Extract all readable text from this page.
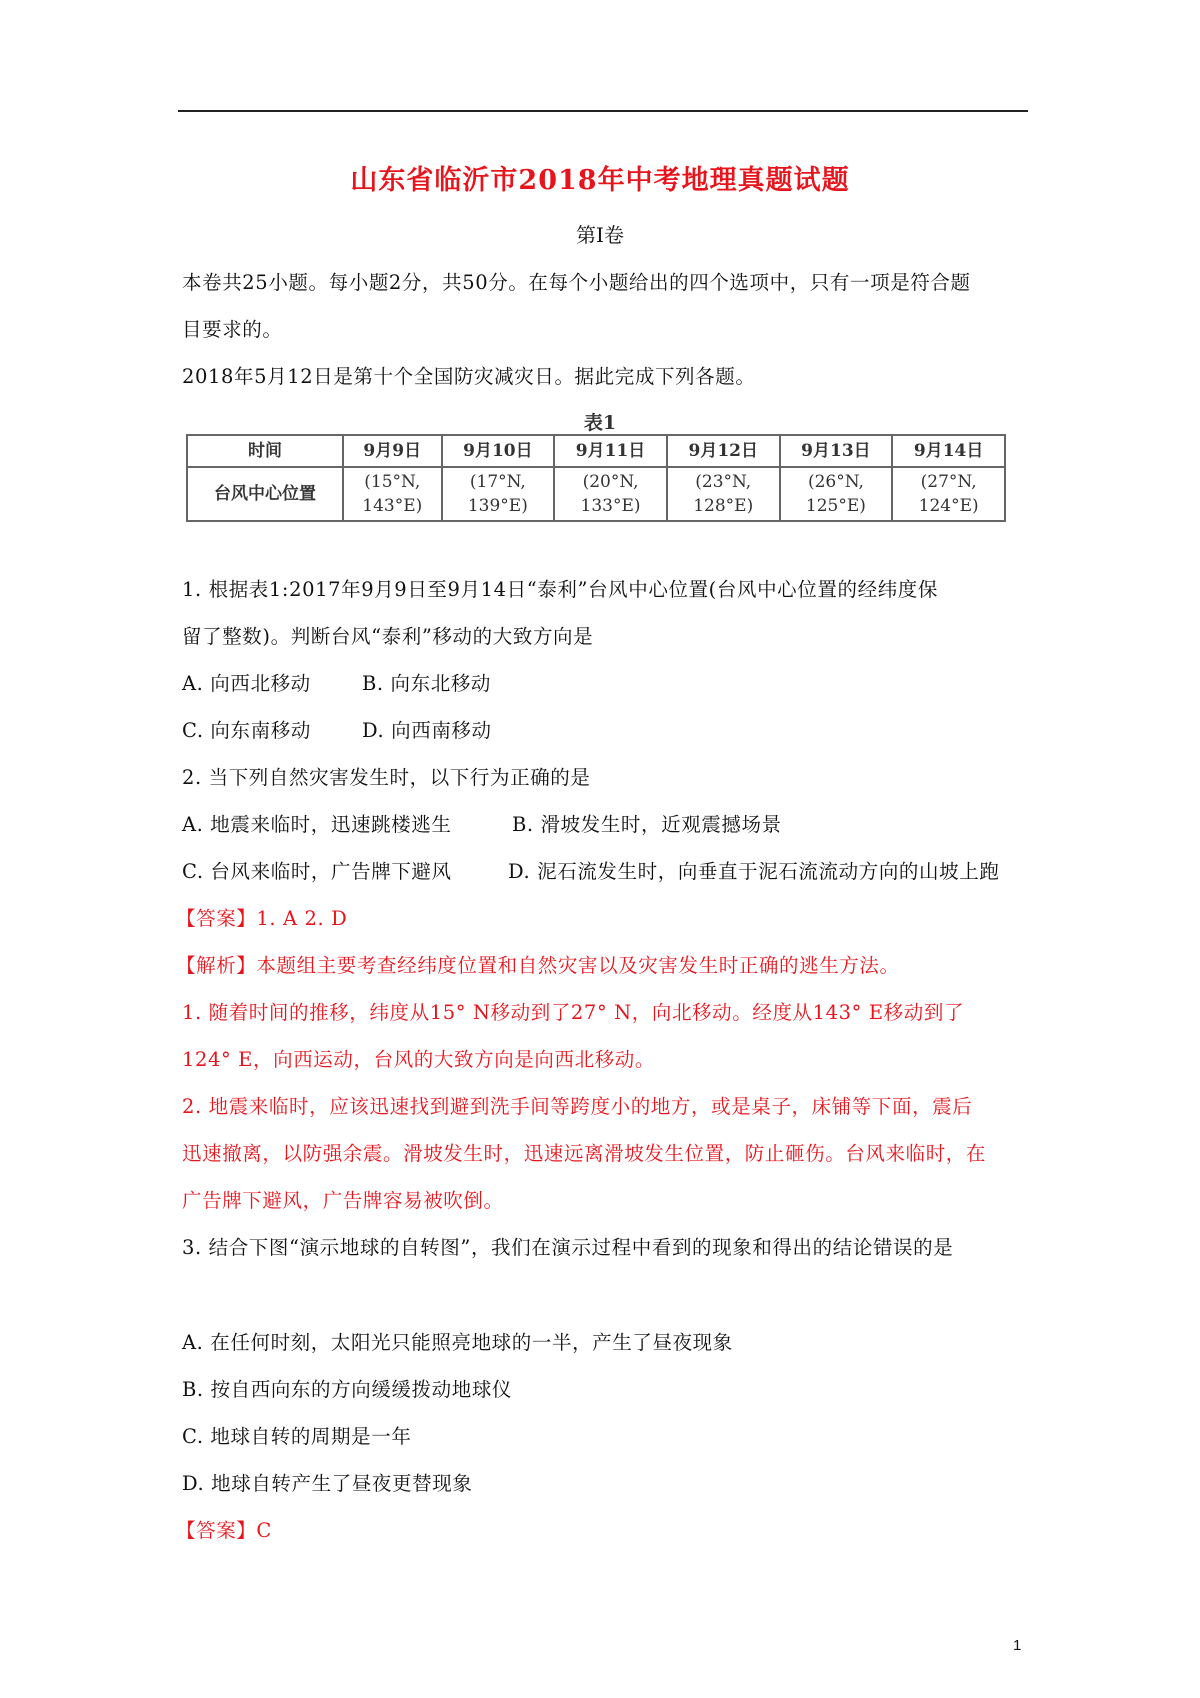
山东省临沂市2018年中考地理真题试题
第Ⅰ卷
本卷共25小题。每小题2分，共50分。在每个小题给出的四个选项中，只有一项是符合题
目要求的。
2018年5月12日是第十个全国防灾减灾日。据此完成下列各题。
表1
时间	9月9日	9月10日	9月11日	9月12日	9月13日	9月14日
台风中心位置	(15°N,
143°E)	(17°N,
139°E)	(20°N,
133°E)	(23°N,
128°E)	(26°N,
125°E)	(27°N,
124°E)
1. 根据表1:2017年9月9日至9月14日“泰利”台风中心位置(台风中心位置的经纬度保
留了整数)。判断台风“泰利”移动的大致方向是
A. 向西北移动	B. 向东北移动
C. 向东南移动	D. 向西南移动
2. 当下列自然灾害发生时，以下行为正确的是
A. 地震来临时，迅速跳楼逃生	B. 滑坡发生时，近观震撼场景
C. 台风来临时，广告牌下避风	D. 泥石流发生时，向垂直于泥石流流动方向的山坡上跑
【答案】1. A 2. D
【解析】本题组主要考查经纬度位置和自然灾害以及灾害发生时正确的逃生方法。
1. 随着时间的推移，纬度从15° N移动到了27° N，向北移动。经度从143° E移动到了
124° E，向西运动，台风的大致方向是向西北移动。
2. 地震来临时，应该迅速找到避到洗手间等跨度小的地方，或是桌子，床铺等下面，震后
迅速撤离，以防强余震。滑坡发生时，迅速远离滑坡发生位置，防止砸伤。台风来临时，在
广告牌下避风，广告牌容易被吹倒。
3. 结合下图“演示地球的自转图”，我们在演示过程中看到的现象和得出的结论错误的是
A. 在任何时刻，太阳光只能照亮地球的一半，产生了昼夜现象
B. 按自西向东的方向缓缓拨动地球仪
C. 地球自转的周期是一年
D. 地球自转产生了昼夜更替现象
【答案】C
1
